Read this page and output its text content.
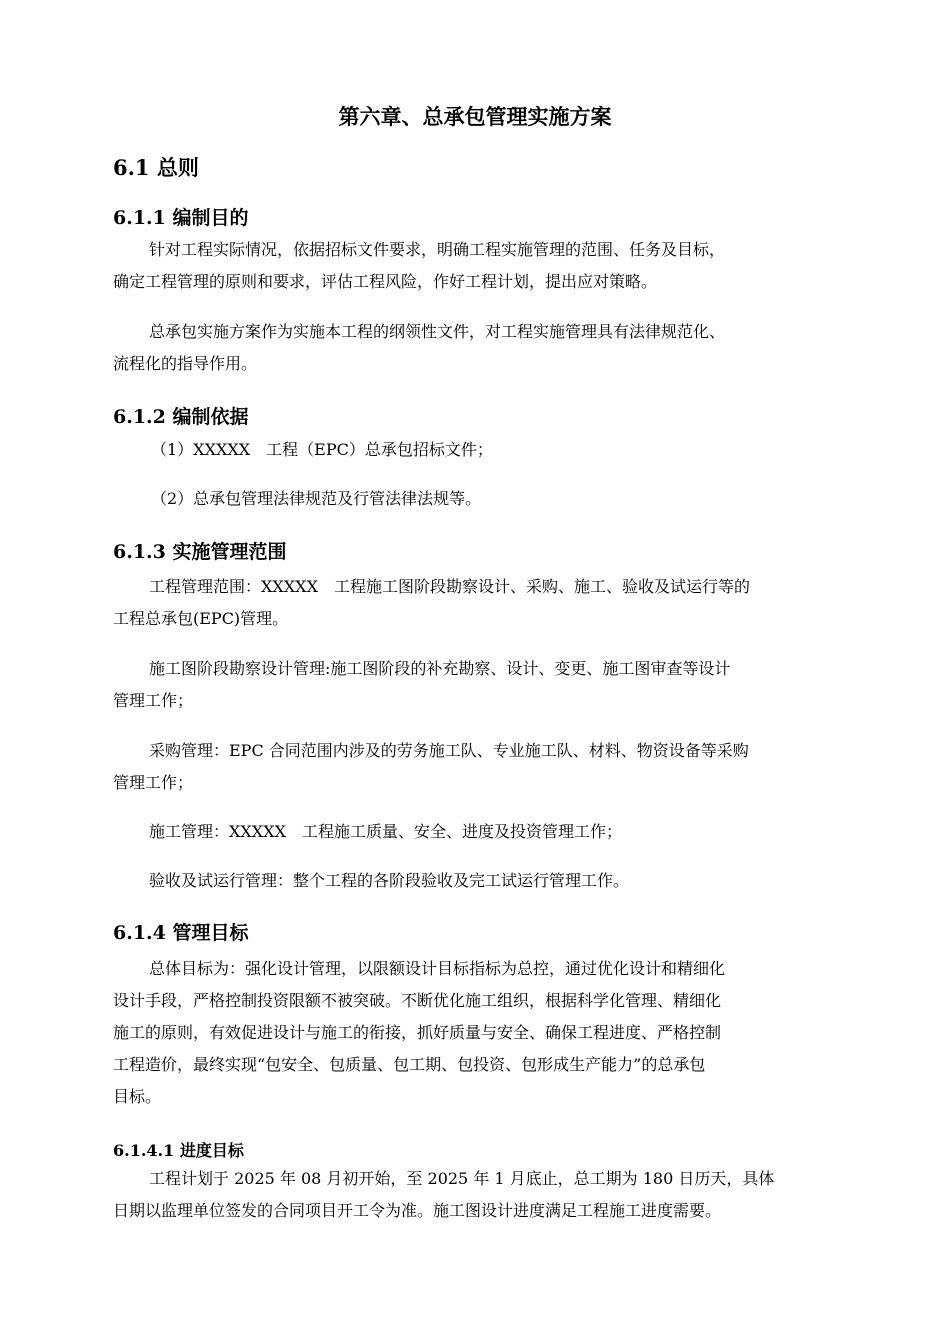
第六章、总承包管理实施方案
6.1 总则
6.1.1 编制目的
针对工程实际情况，依据招标文件要求，明确工程实施管理的范围、任务及目标，
确定工程管理的原则和要求，评估工程风险，作好工程计划，提出应对策略。
总承包实施方案作为实施本工程的纲领性文件，对工程实施管理具有法律规范化、
流程化的指导作用。
6.1.2 编制依据
（1）XXXXX　工程（EPC）总承包招标文件；
（2）总承包管理法律规范及行管法律法规等。
6.1.3 实施管理范围
工程管理范围：XXXXX　工程施工图阶段勘察设计、采购、施工、验收及试运行等的
工程总承包(EPC)管理。
施工图阶段勘察设计管理:施工图阶段的补充勘察、设计、变更、施工图审查等设计
管理工作；
采购管理：EPC 合同范围内涉及的劳务施工队、专业施工队、材料、物资设备等采购
管理工作；
施工管理：XXXXX　工程施工质量、安全、进度及投资管理工作；
验收及试运行管理：整个工程的各阶段验收及完工试运行管理工作。
6.1.4 管理目标
总体目标为：强化设计管理，以限额设计目标指标为总控，通过优化设计和精细化
设计手段，严格控制投资限额不被突破。不断优化施工组织，根据科学化管理、精细化
施工的原则，有效促进设计与施工的衔接，抓好质量与安全、确保工程进度、严格控制
工程造价，最终实现“包安全、包质量、包工期、包投资、包形成生产能力”的总承包
目标。
6.1.4.1 进度目标
工程计划于 2025 年 08 月初开始，至 2025 年 1 月底止，总工期为 180 日历天，具体
日期以监理单位签发的合同项目开工令为准。施工图设计进度满足工程施工进度需要。
